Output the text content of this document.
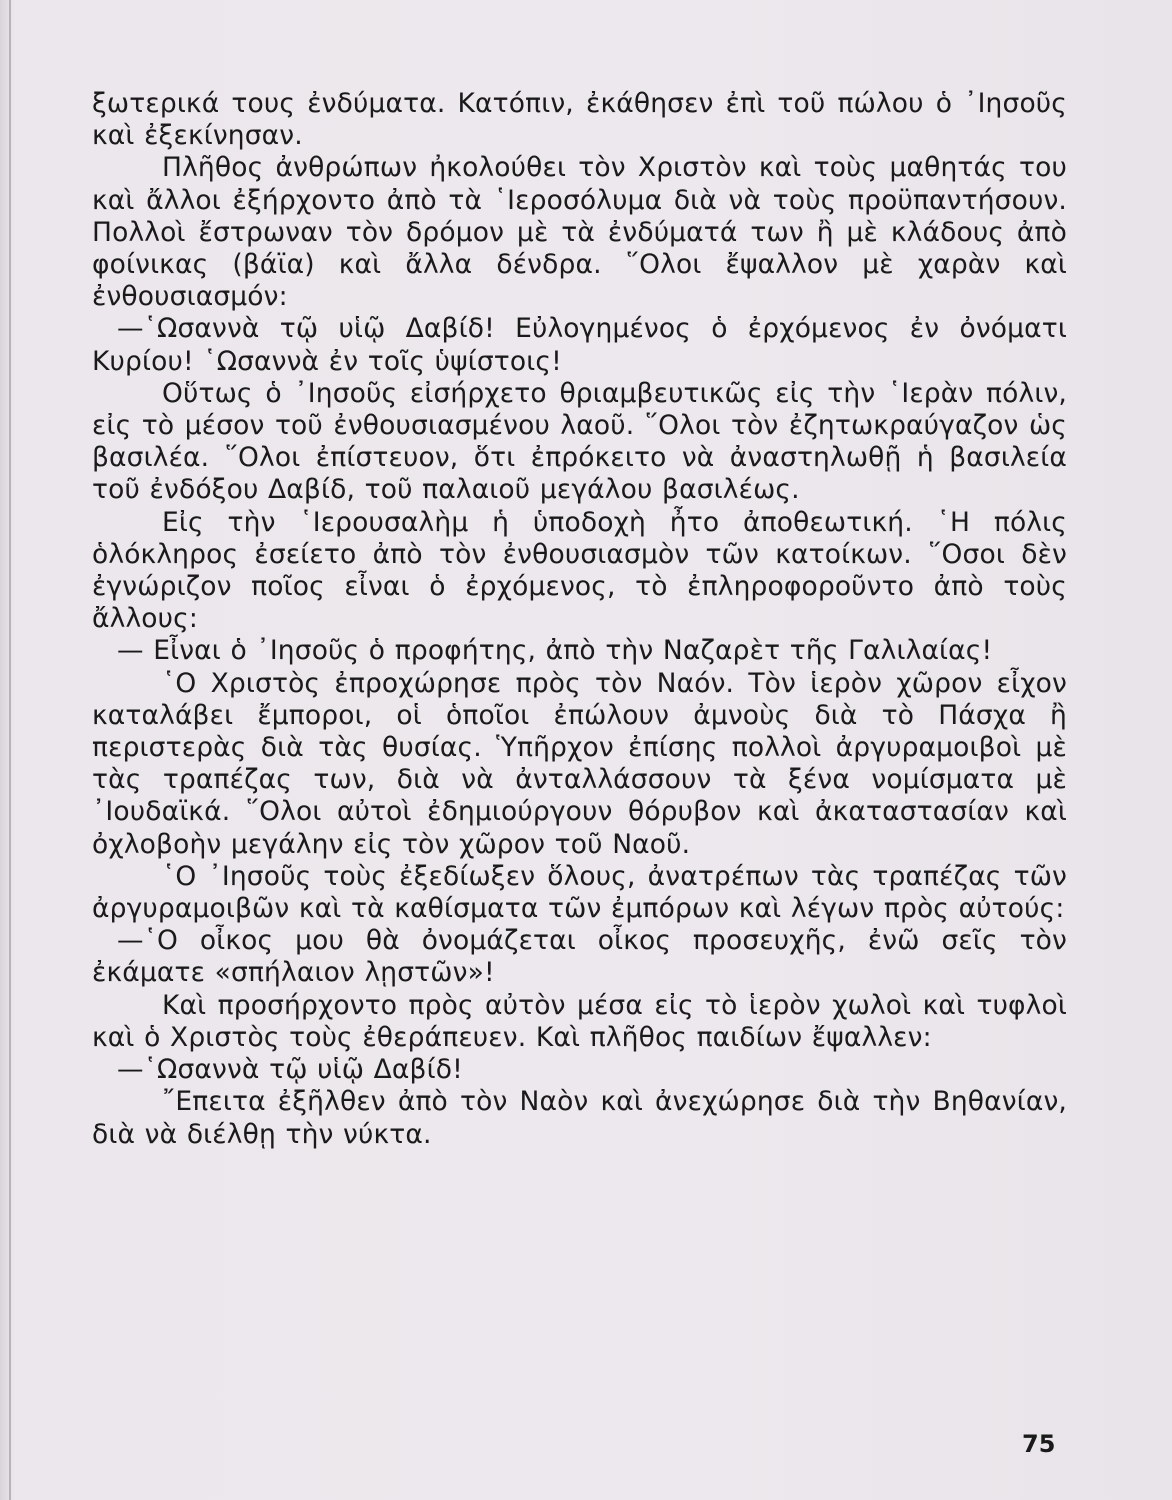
ξωτερικά τους ἐνδύματα. Κατόπιν, ἐκάθησεν ἐπὶ τοῦ πώλου ὁ ᾿Ιησοῦς καὶ ἐξεκίνησαν.

Πλῆθος ἀνθρώπων ἠκολούθει τὸν Χριστὸν καὶ τοὺς μαθητάς του καὶ ἄλλοι ἐξήρχοντο ἀπὸ τὰ ῾Ιεροσόλυμα διὰ νὰ τοὺς προϋπαντήσουν. Πολλοὶ ἔστρωναν τὸν δρόμον μὲ τὰ ἐνδύματά των ἢ μὲ κλάδους ἀπὸ φοίνικας (βάϊα) καὶ ἄλλα δένδρα. ῞Ολοι ἔψαλλον μὲ χαρὰν καὶ ἐνθουσιασμόν:

—῾Ωσαννὰ τῷ υἱῷ Δαβίδ! Εὐλογημένος ὁ ἐρχόμενος ἐν ὀνόματι Κυρίου! ῾Ωσαννὰ ἐν τοῖς ὑψίστοις!

Οὕτως ὁ ᾿Ιησοῦς εἰσήρχετο θριαμβευτικῶς εἰς τὴν ῾Ιερὰν πόλιν, εἰς τὸ μέσον τοῦ ἐνθουσιασμένου λαοῦ. ῞Ολοι τὸν ἐζητωκραύγαζον ὡς βασιλέα. ῞Ολοι ἐπίστευον, ὅτι ἐπρόκειτο νὰ ἀναστηλωθῇ ἡ βασιλεία τοῦ ἐνδόξου Δαβίδ, τοῦ παλαιοῦ μεγάλου βασιλέως.

Εἰς τὴν ῾Ιερουσαλὴμ ἡ ὑποδοχὴ ἦτο ἀποθεωτική. ῾Η πόλις ὁλόκληρος ἐσείετο ἀπὸ τὸν ἐνθουσιασμὸν τῶν κατοίκων. ῞Οσοι δὲν ἐγνώριζον ποῖος εἶναι ὁ ἐρχόμενος, τὸ ἐπληροφοροῦντο ἀπὸ τοὺς ἄλλους:

— Εἶναι ὁ ᾿Ιησοῦς ὁ προφήτης, ἀπὸ τὴν Ναζαρὲτ τῆς Γαλιλαίας!

῾Ο Χριστὸς ἐπροχώρησε πρὸς τὸν Ναόν. Τὸν ἱερὸν χῶρον εἶχον καταλάβει ἔμποροι, οἱ ὁποῖοι ἐπώλουν ἀμνοὺς διὰ τὸ Πάσχα ἢ περιστερὰς διὰ τὰς θυσίας. Ὑπῆρχον ἐπίσης πολλοὶ ἀργυραμοιβοὶ μὲ τὰς τραπέζας των, διὰ νὰ ἀνταλλάσσουν τὰ ξένα νομίσματα μὲ ᾿Ιουδαϊκά. ῞Ολοι αὐτοὶ ἐδημιούργουν θόρυβον καὶ ἀκαταστασίαν καὶ ὀχλοβοὴν μεγάλην εἰς τὸν χῶρον τοῦ Ναοῦ.

῾Ο ᾿Ιησοῦς τοὺς ἐξεδίωξεν ὅλους, ἀνατρέπων τὰς τραπέζας τῶν ἀργυραμοιβῶν καὶ τὰ καθίσματα τῶν ἐμπόρων καὶ λέγων πρὸς αὐτούς:

—῾Ο οἶκος μου θὰ ὀνομάζεται οἶκος προσευχῆς, ἐνῶ σεῖς τὸν ἐκάματε «σπήλαιον λῃστῶν»!

Καὶ προσήρχοντο πρὸς αὐτὸν μέσα εἰς τὸ ἱερὸν χωλοὶ καὶ τυφλοὶ καὶ ὁ Χριστὸς τοὺς ἐθεράπευεν. Καὶ πλῆθος παιδίων ἔψαλλεν:

—῾Ωσαννὰ τῷ υἱῷ Δαβίδ!

῎Επειτα ἐξῆλθεν ἀπὸ τὸν Ναὸν καὶ ἀνεχώρησε διὰ τὴν Βηθανίαν, διὰ νὰ διέλθῃ τὴν νύκτα.

75
